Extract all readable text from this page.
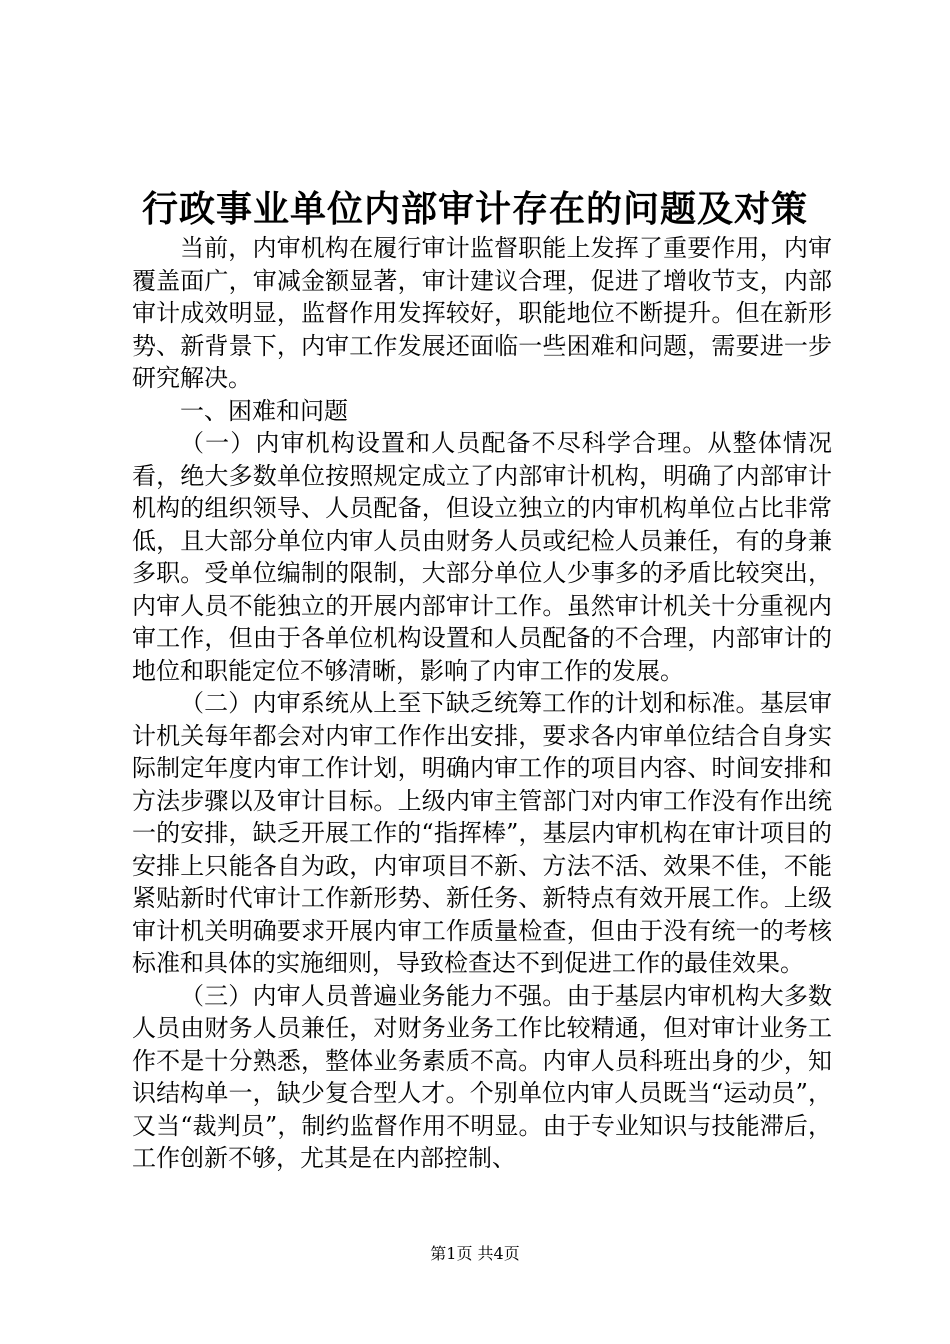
行政事业单位内部审计存在的问题及对策

当前，内审机构在履行审计监督职能上发挥了重要作用，内审覆盖面广，审减金额显著，审计建议合理，促进了增收节支，内部审计成效明显，监督作用发挥较好，职能地位不断提升。但在新形势、新背景下，内审工作发展还面临一些困难和问题，需要进一步研究解决。

一、困难和问题

（一）内审机构设置和人员配备不尽科学合理。从整体情况看，绝大多数单位按照规定成立了内部审计机构，明确了内部审计机构的组织领导、人员配备，但设立独立的内审机构单位占比非常低，且大部分单位内审人员由财务人员或纪检人员兼任，有的身兼多职。受单位编制的限制，大部分单位人少事多的矛盾比较突出，内审人员不能独立的开展内部审计工作。虽然审计机关十分重视内审工作，但由于各单位机构设置和人员配备的不合理，内部审计的地位和职能定位不够清晰，影响了内审工作的发展。

（二）内审系统从上至下缺乏统筹工作的计划和标准。基层审计机关每年都会对内审工作作出安排，要求各内审单位结合自身实际制定年度内审工作计划，明确内审工作的项目内容、时间安排和方法步骤以及审计目标。上级内审主管部门对内审工作没有作出统一的安排，缺乏开展工作的“指挥棒”，基层内审机构在审计项目的安排上只能各自为政，内审项目不新、方法不活、效果不佳，不能紧贴新时代审计工作新形势、新任务、新特点有效开展工作。上级审计机关明确要求开展内审工作质量检查，但由于没有统一的考核标准和具体的实施细则，导致检查达不到促进工作的最佳效果。

（三）内审人员普遍业务能力不强。由于基层内审机构大多数人员由财务人员兼任，对财务业务工作比较精通，但对审计业务工作不是十分熟悉，整体业务素质不高。内审人员科班出身的少，知识结构单一，缺少复合型人才。个别单位内审人员既当“运动员”，又当“裁判员”，制约监督作用不明显。由于专业知识与技能滞后，工作创新不够，尤其是在内部控制、

第1页 共4页
